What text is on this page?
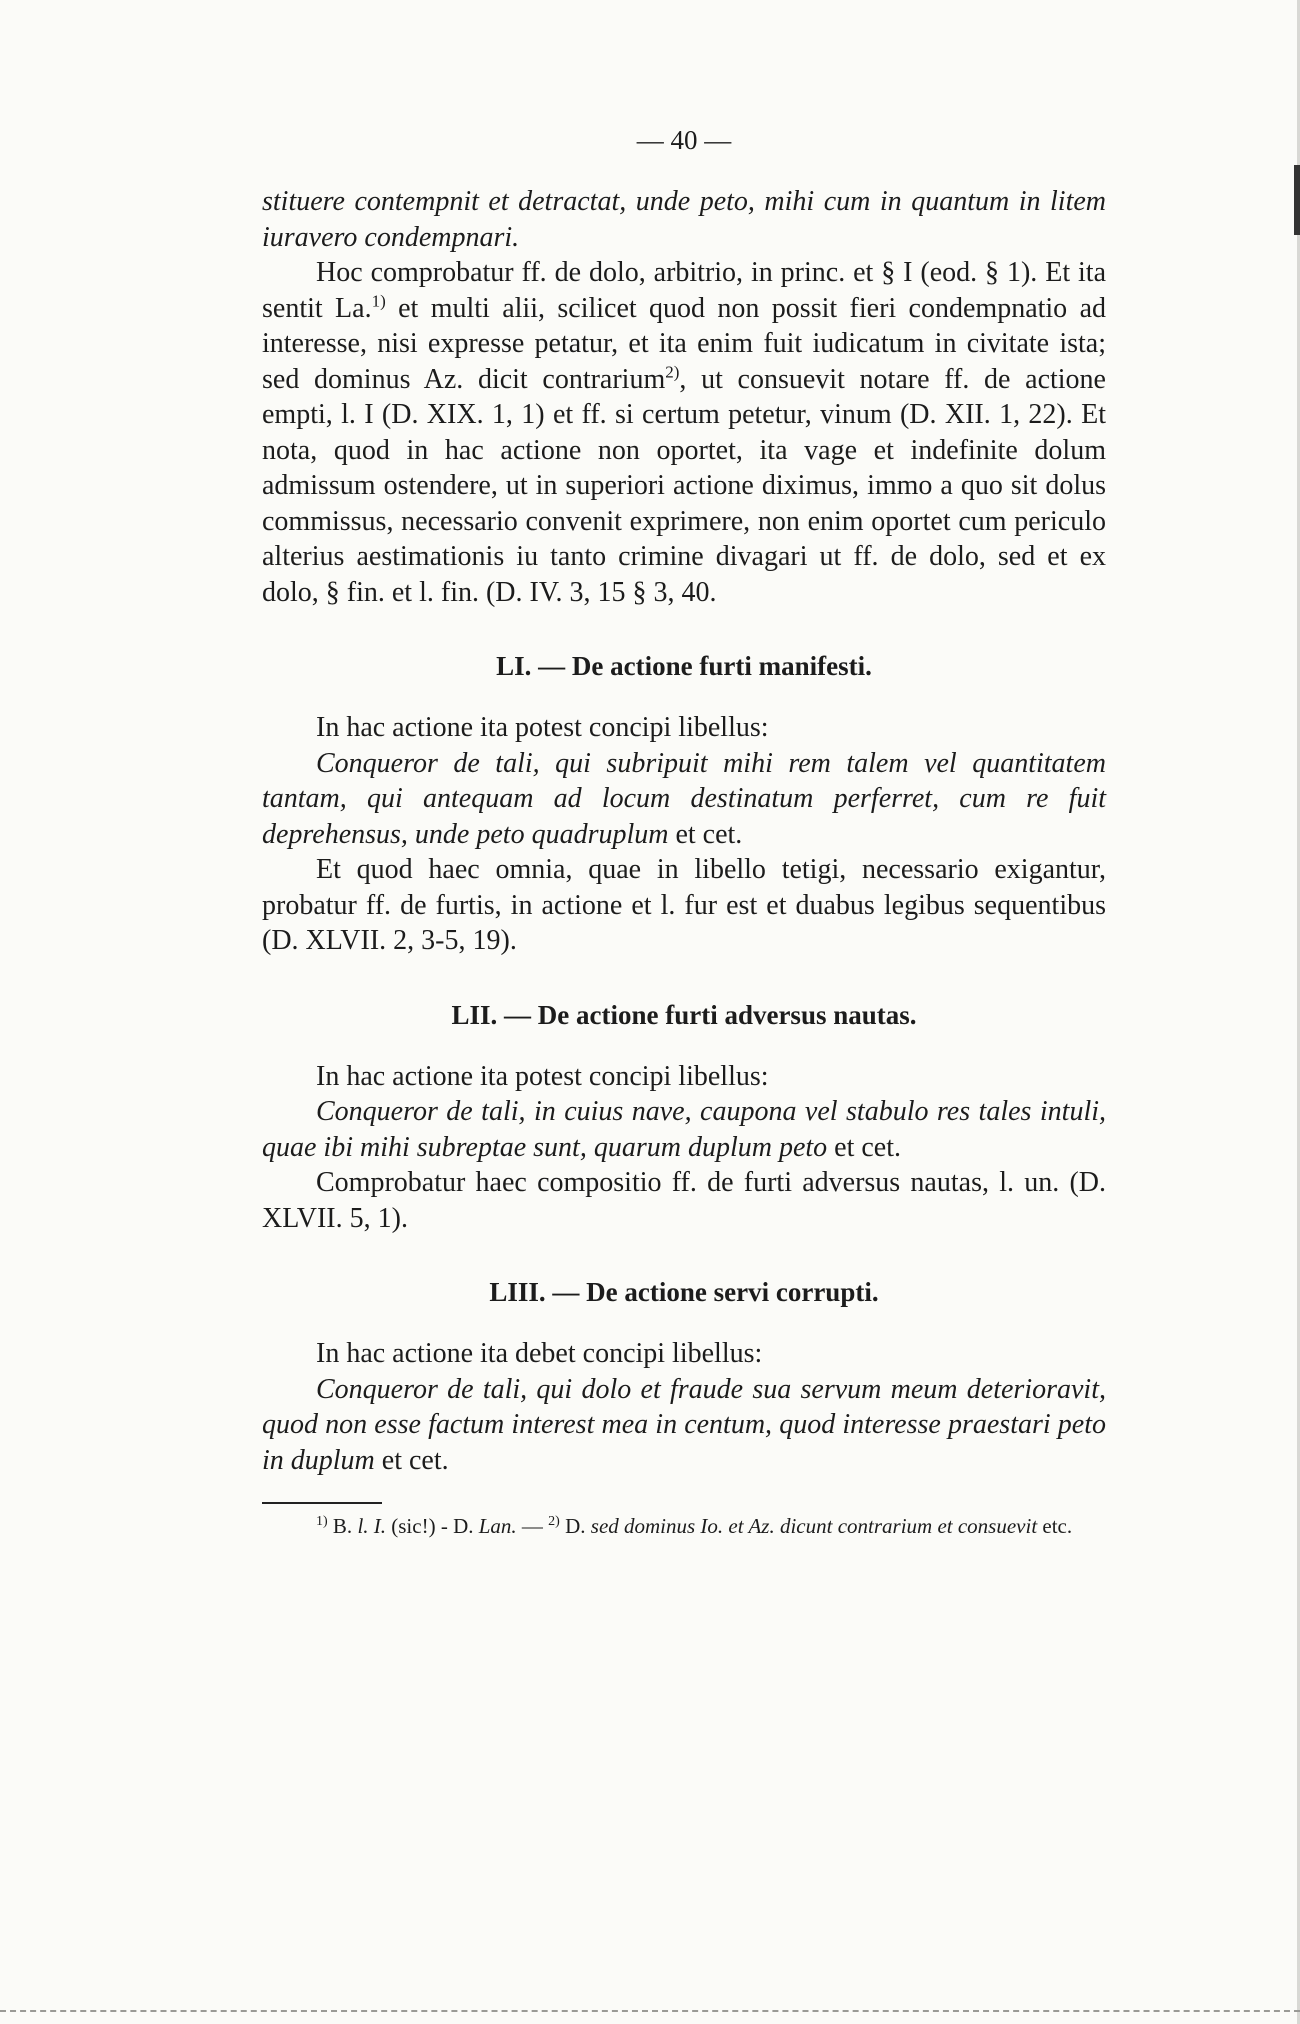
— 40 —

stituere contempnit et detractat, unde peto, mihi cum in quantum in litem iuravero condempnari.

Hoc comprobatur ff. de dolo, arbitrio, in princ. et § I (eod. § 1). Et ita sentit La.$^{1)}$ et multi alii, scilicet quod non possit fieri condempnatio ad interesse, nisi expresse petatur, et ita enim fuit iudicatum in civitate ista; sed dominus Az. dicit contrarium$^{2)}$, ut consuevit notare ff. de actione empti, l. I (D. XIX. 1, 1) et ff. si certum petetur, vinum (D. XII. 1, 22). Et nota, quod in hac actione non oportet, ita vage et indefinite dolum admissum ostendere, ut in superiori actione diximus, immo a quo sit dolus commissus, necessario convenit exprimere, non enim oportet cum periculo alterius aestimationis iu tanto crimine divagari ut ff. de dolo, sed et ex dolo, § fin. et l. fin. (D. IV. 3, 15 § 3, 40.

LI. — De actione furti manifesti.

In hac actione ita potest concipi libellus:

Conqueror de tali, qui subripuit mihi rem talem vel quantitatem tantam, qui antequam ad locum destinatum perferret, cum re fuit deprehensus, unde peto quadruplum et cet.

Et quod haec omnia, quae in libello tetigi, necessario exigantur, probatur ff. de furtis, in actione et l. fur est et duabus legibus sequentibus (D. XLVII. 2, 3-5, 19).

LII. — De actione furti adversus nautas.

In hac actione ita potest concipi libellus:

Conqueror de tali, in cuius nave, caupona vel stabulo res tales intuli, quae ibi mihi subreptae sunt, quarum duplum peto et cet.

Comprobatur haec compositio ff. de furti adversus nautas, l. un. (D. XLVII. 5, 1).

LIII. — De actione servi corrupti.

In hac actione ita debet concipi libellus:

Conqueror de tali, qui dolo et fraude sua servum meum deterioravit, quod non esse factum interest mea in centum, quod interesse praestari peto in duplum et cet.

$^{1)}$ B. l. I. (sic!) - D. Lan. — $^{2)}$ D. sed dominus Io. et Az. dicunt contrarium et consuevit etc.
